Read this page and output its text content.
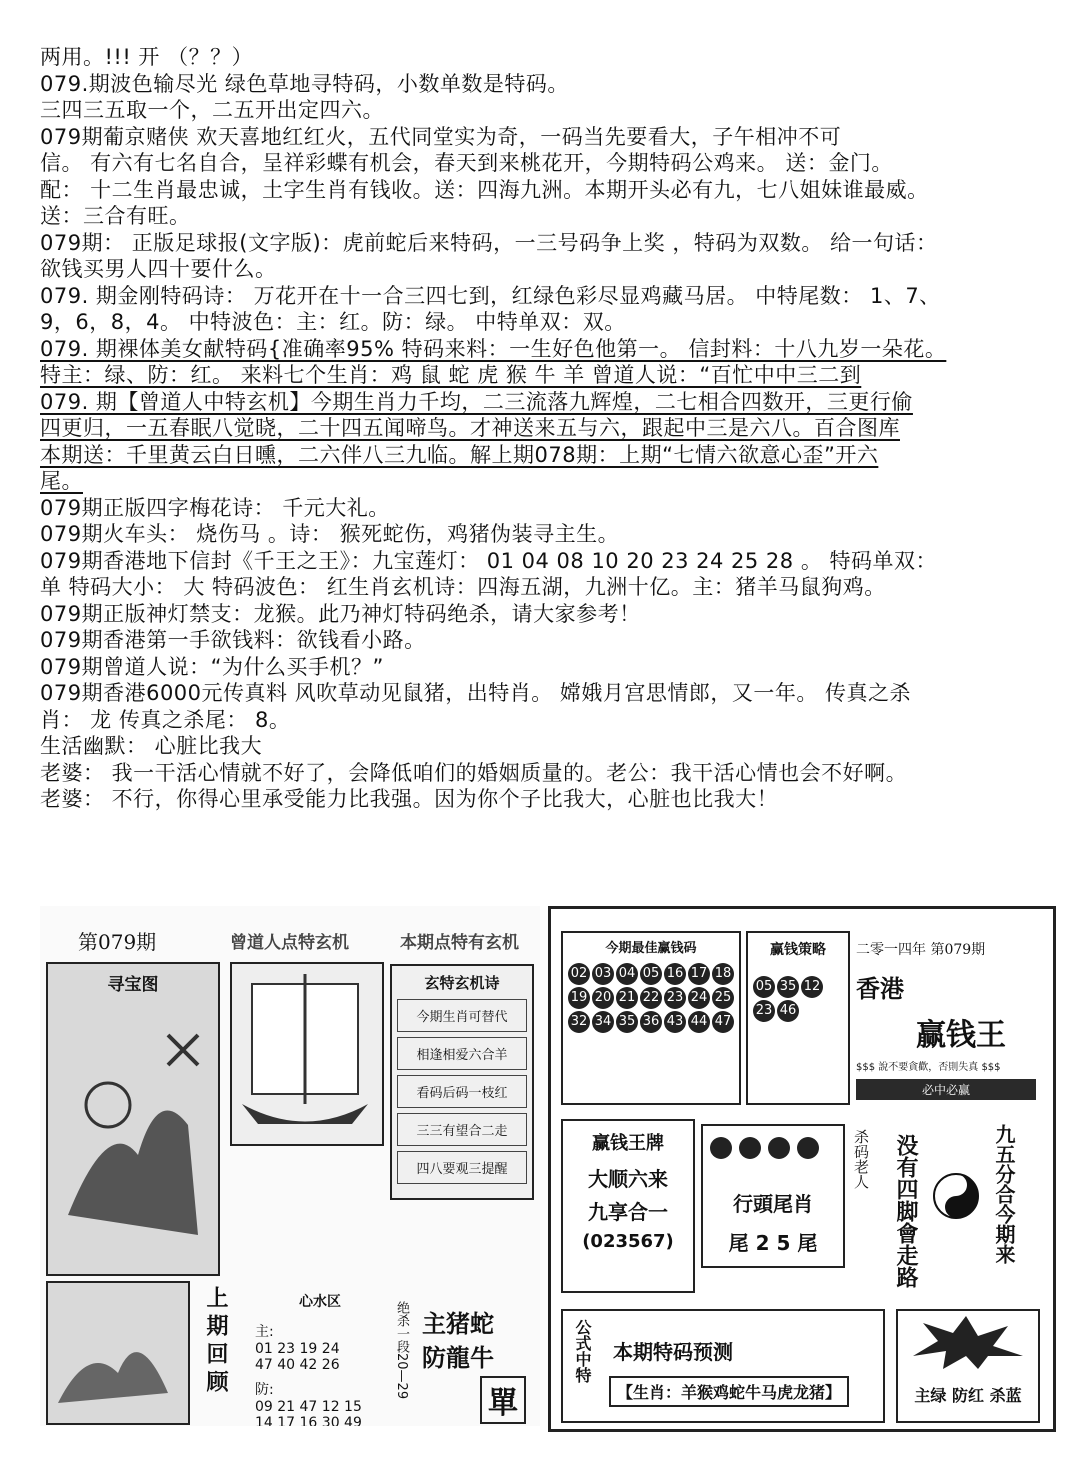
两用。!!! 开 （？？）
079.期波色输尽光 绿色草地寻特码，小数单数是特码。
三四三五取一个，二五开出定四六。
079期葡京赌侠 欢天喜地红红火，五代同堂实为奇，一码当先要看大，子午相冲不可
信。 有六有七名自合，呈祥彩蝶有机会，春天到来桃花开，今期特码公鸡来。 送：金门。
配： 十二生肖最忠诚，土字生肖有钱收。送：四海九洲。本期开头必有九，七八姐妹谁最威。
送：三合有旺。
079期： 正版足球报(文字版)：虎前蛇后来特码，一三号码争上奖 ，特码为双数。 给一句话：
欲钱买男人四十要什么。
079. 期金刚特码诗： 万花开在十一合三四七到，红绿色彩尽显鸡藏马居。 中特尾数： 1、7、
9，6，8，4。 中特波色：主：红。防：绿。 中特单双：双。
079. 期裸体美女献特码{准确率95% 特码来料：一生好色他第一。 信封料：十八九岁一朵花。
特主：绿、防：红。 来料七个生肖：鸡 鼠 蛇 虎 猴 牛 羊 曾道人说：“百忙中中三二到
079. 期【曾道人中特玄机】今期生肖力千均，二三流落九辉煌，二七相合四数开，三更行偷
四更归，一五春眠八觉晓，二十四五闻啼鸟。才神送来五与六，跟起中三是六八。百合图库
本期送：千里黄云白日曛，二六伴八三九临。解上期078期：上期“七情六欲意心歪”开六
尾。
079期正版四字梅花诗： 千元大礼。
079期火车头： 烧伤马 。诗： 猴死蛇伤，鸡猪伪装寻主生。
079期香港地下信封《千王之王》：九宝莲灯： 01 04 08 10 20 23 24 25 28 。 特码单双：
单 特码大小： 大 特码波色： 红生肖玄机诗：四海五湖，九洲十亿。主：猪羊马鼠狗鸡。
079期正版神灯禁支：龙猴。此乃神灯特码绝杀，请大家参考！
079期香港第一手欲钱料：欲钱看小路。
079期曾道人说：“为什么买手机？”
079期香港6000元传真料 风吹草动见鼠猪，出特肖。 嫦娥月宫思情郎，又一年。 传真之杀
肖： 龙 传真之杀尾： 8。
生活幽默： 心脏比我大
老婆： 我一干活心情就不好了，会降低咱们的婚姻质量的。老公：我干活心情也会不好啊。
老婆： 不行，你得心里承受能力比我强。因为你个子比我大，心脏也比我大！
第079期	曾道人点特玄机	本期点特有玄机
寻宝图	玄特玄机诗
今期生肖可替代
相逢相爱六合羊
看码后码一枝红
三三有望合二走
四八要观三提醒
上期回顾	心水区
主:
01 23 19 24
47 40 42 26
防:
09 21 47 12 15
14 17 16 30 49
绝杀一段20—29 主猪蛇
防龍牛
單
今期最佳赢钱码
02 03 04 05 16 17 1819 20 21 22 23 24 2532 34 35 36 43 44 47
赢钱策略
05 35 1223 46
二零一四年 第079期
香港
赢钱王
$$$ 說不要貪歡，否則失真 $$$
必中必赢
赢钱王牌
大顺六来
九享合一
(023567)

行頭尾肖
尾 2 5 尾
杀码老人 没有四脚會走路	九五分合今期来
公式中特 本期特码预测
【生肖：羊猴鸡蛇牛马虎龙猪】	主绿 防红 杀蓝
